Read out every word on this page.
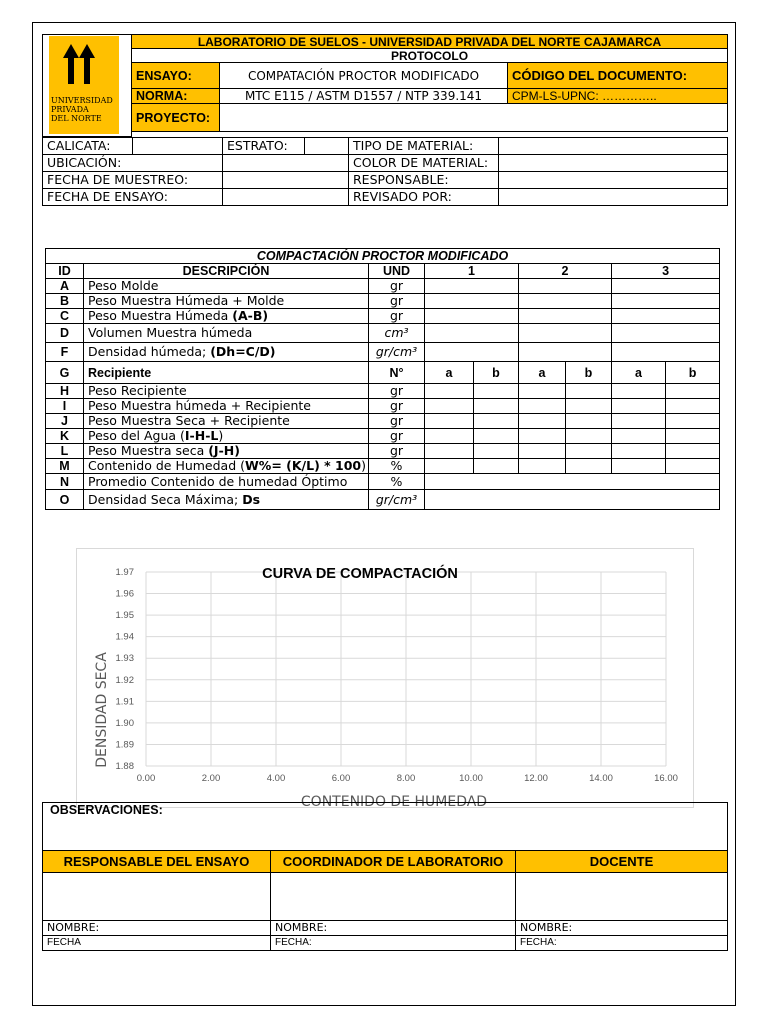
UNIVERSIDAD
PRIVADA
DEL NORTE
LABORATORIO DE SUELOS - UNIVERSIDAD PRIVADA DEL NORTE CAJAMARCA		
PROTOCOLO		
ENSAYO:	COMPATACIÓN PROCTOR MODIFICADO	CÓDIGO DEL DOCUMENTO:
NORMA:	MTC E115 / ASTM D1557 / NTP 339.141	CPM-LS-UPNC: …………..
PROYECTO:		
CALICATA:		ESTRATO:		TIPO DE MATERIAL:	
UBICACIÓN:				COLOR DE MATERIAL:	
FECHA DE MUESTREO:				RESPONSABLE:	
FECHA DE ENSAYO:				REVISADO POR:	
COMPACTACIÓN PROCTOR MODIFICADO								
ID	DESCRIPCIÓN	UND	1		2		3	
A	Peso Molde	gr						
B	Peso Muestra Húmeda + Molde	gr						
C	Peso Muestra Húmeda (A-B)	gr						
D	Volumen Muestra húmeda	cm³						
F	Densidad húmeda; (Dh=C/D)	gr/cm³						
G	Recipiente	N°	a	b	a	b	a	b
H	Peso Recipiente	gr						
I	Peso Muestra húmeda + Recipiente	gr						
J	Peso Muestra Seca + Recipiente	gr						
K	Peso del Agua (I-H-L)	gr						
L	Peso Muestra seca (J-H)	gr						
M	Contenido de Humedad (W%= (K/L) * 100)	%						
N	Promedio Contenido de humedad Óptimo	%						
O	Densidad Seca Máxima; Ds	gr/cm³						
0.00	2.00	4.00	6.00	8.00	10.00	12.00	14.00	16.00
1.88
1.89
1.90
1.91
1.92
1.93
1.94
1.95
1.96
1.97	CURVA DE COMPACTACIÓN
CONTENIDO DE HUMEDAD
DENSIDAD SECA
OBSERVACIONES:		
RESPONSABLE DEL ENSAYO	COORDINADOR DE LABORATORIO	DOCENTE

NOMBRE:	NOMBRE:	NOMBRE:
FECHA	FECHA:	FECHA:
